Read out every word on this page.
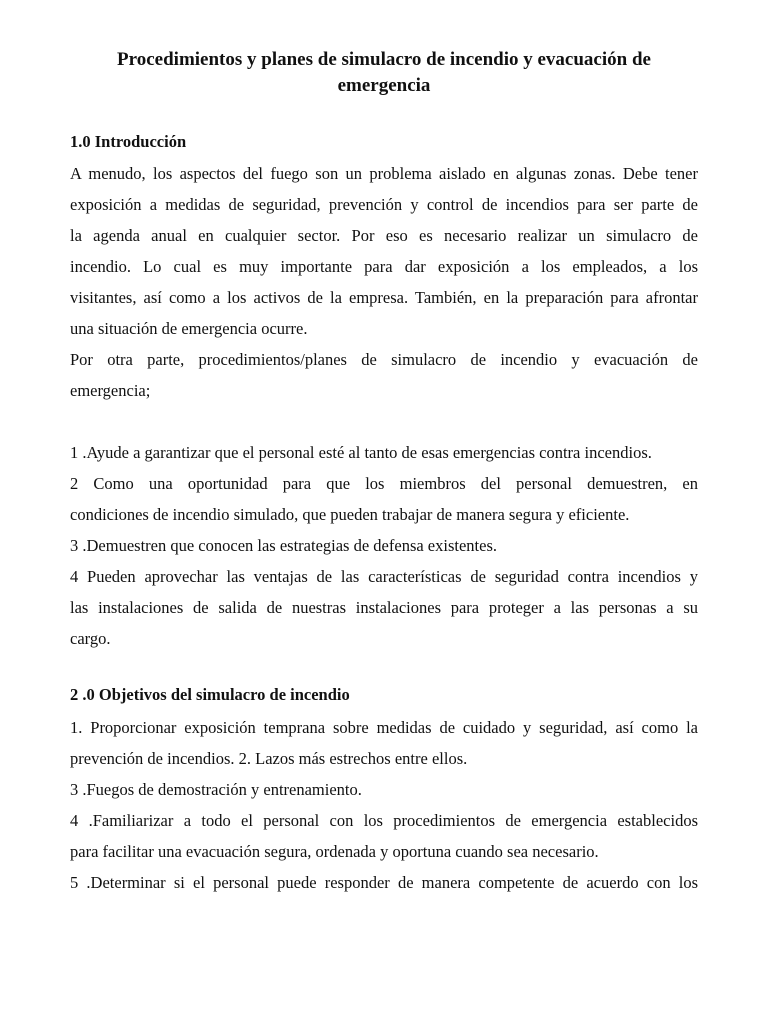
Procedimientos y planes de simulacro de incendio y evacuación de
emergencia
1.0 Introducción
A menudo, los aspectos del fuego son un problema aislado en algunas zonas. Debe tener
exposición a medidas de seguridad, prevención y control de incendios para ser parte de
la agenda anual en cualquier sector. Por eso es necesario realizar un simulacro de
incendio. Lo cual es muy importante para dar exposición a los empleados, a los
visitantes, así como a los activos de la empresa. También, en la preparación para afrontar
una situación de emergencia ocurre.
Por otra parte, procedimientos/planes de simulacro de incendio y evacuación de
emergencia;
1 .Ayude a garantizar que el personal esté al tanto de esas emergencias contra incendios.
2 Como una oportunidad para que los miembros del personal demuestren, en
condiciones de incendio simulado, que pueden trabajar de manera segura y eficiente.
3 .Demuestren que conocen las estrategias de defensa existentes.
4 Pueden aprovechar las ventajas de las características de seguridad contra incendios y
las instalaciones de salida de nuestras instalaciones para proteger a las personas a su
cargo.
2 .0 Objetivos del simulacro de incendio
1. Proporcionar exposición temprana sobre medidas de cuidado y seguridad, así como la
prevención de incendios. 2. Lazos más estrechos entre ellos.
3 .Fuegos de demostración y entrenamiento.
4 .Familiarizar a todo el personal con los procedimientos de emergencia establecidos
para facilitar una evacuación segura, ordenada y oportuna cuando sea necesario.
5 .Determinar si el personal puede responder de manera competente de acuerdo con los
